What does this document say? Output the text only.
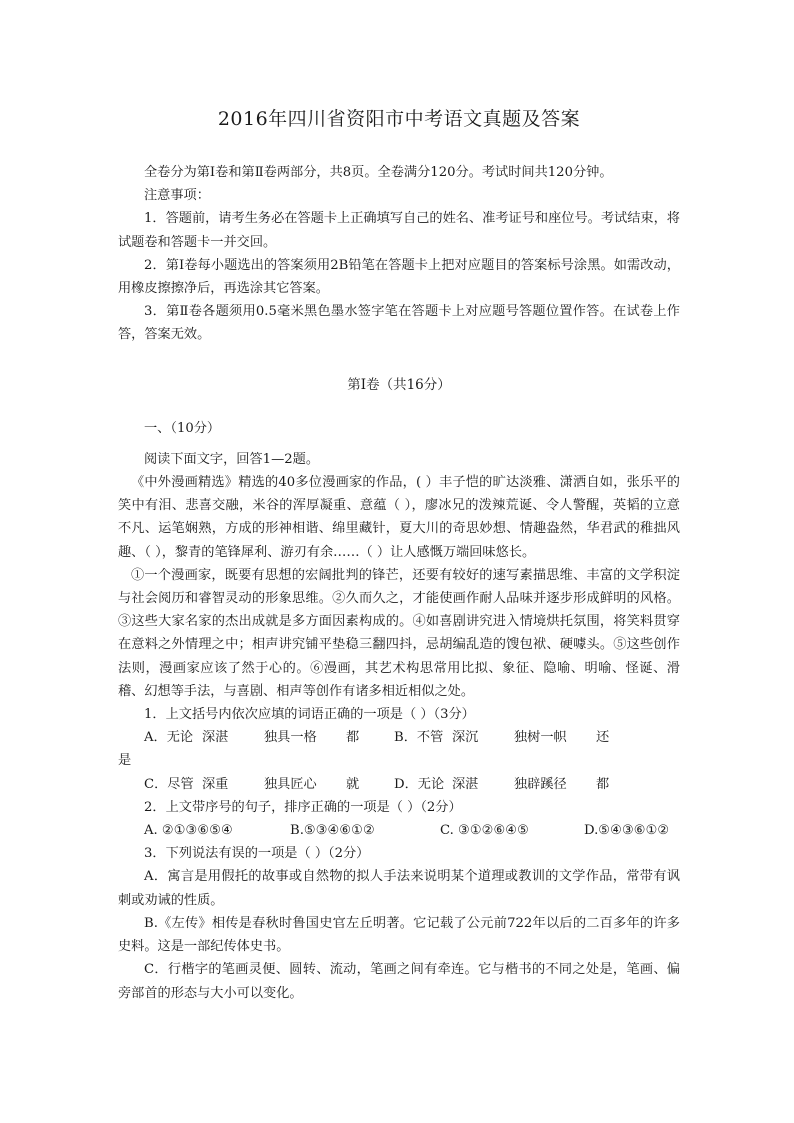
2016年四川省资阳市中考语文真题及答案

全卷分为第Ⅰ卷和第Ⅱ卷两部分，共8页。全卷满分120分。考试时间共120分钟。

注意事项：

1．答题前，请考生务必在答题卡上正确填写自己的姓名、准考证号和座位号。考试结束，将试题卷和答题卡一并交回。

2．第Ⅰ卷每小题选出的答案须用2B铅笔在答题卡上把对应题目的答案标号涂黑。如需改动，用橡皮擦擦净后，再选涂其它答案。

3．第Ⅱ卷各题须用0.5毫米黑色墨水签字笔在答题卡上对应题号答题位置作答。在试卷上作答，答案无效。

第Ⅰ卷（共16分）

一、（10分）

阅读下面文字，回答1—2题。

《中外漫画精选》精选的40多位漫画家的作品，( ）丰子恺的旷达淡雅、潇洒自如，张乐平的笑中有泪、悲喜交融，米谷的浑厚凝重、意蕴（ ），廖冰兄的泼辣荒诞、令人警醒，英韬的立意不凡、运笔娴熟，方成的形神相谐、绵里藏针，夏大川的奇思妙想、情趣盎然，华君武的稚拙风趣、（ ），黎青的笔锋犀利、游刃有余……（ ）让人感慨万端回味悠长。

①一个漫画家，既要有思想的宏阔批判的锋芒，还要有较好的速写素描思维、丰富的文学积淀与社会阅历和睿智灵动的形象思维。②久而久之，才能使画作耐人品味并逐步形成鲜明的风格。③这些大家名家的杰出成就是多方面因素构成的。④如喜剧讲究进入情境烘托氛围，将笑料贯穿在意料之外情理之中；相声讲究铺平垫稳三翻四抖，忌胡编乱造的馊包袱、硬噱头。⑤这些创作法则，漫画家应该了然于心的。⑥漫画，其艺术构思常用比拟、象征、隐喻、明喻、怪诞、滑稽、幻想等手法，与喜剧、相声等创作有诸多相近相似之处。

1．上文括号内依次应填的词语正确的一项是（ ）（3分）

A．无论 深湛	独具一格	都	B．不管 深沉	独树一帜	还

是

C．尽管 深重	独具匠心	就	D．无论 深湛	独辟蹊径	都

2．上文带序号的句子，排序正确的一项是（ ）（2分）

A. ②①③⑥⑤④	B.⑤③④⑥①②	C. ③①②⑥④⑤	D.⑤④③⑥①②

3．下列说法有误的一项是（ ）（2分）

A．寓言是用假托的故事或自然物的拟人手法来说明某个道理或教训的文学作品，常带有讽刺或劝诫的性质。

B.《左传》相传是春秋时鲁国史官左丘明著。它记载了公元前722年以后的二百多年的许多史料。这是一部纪传体史书。

C．行楷字的笔画灵便、圆转、流动，笔画之间有牵连。它与楷书的不同之处是，笔画、偏旁部首的形态与大小可以变化。
